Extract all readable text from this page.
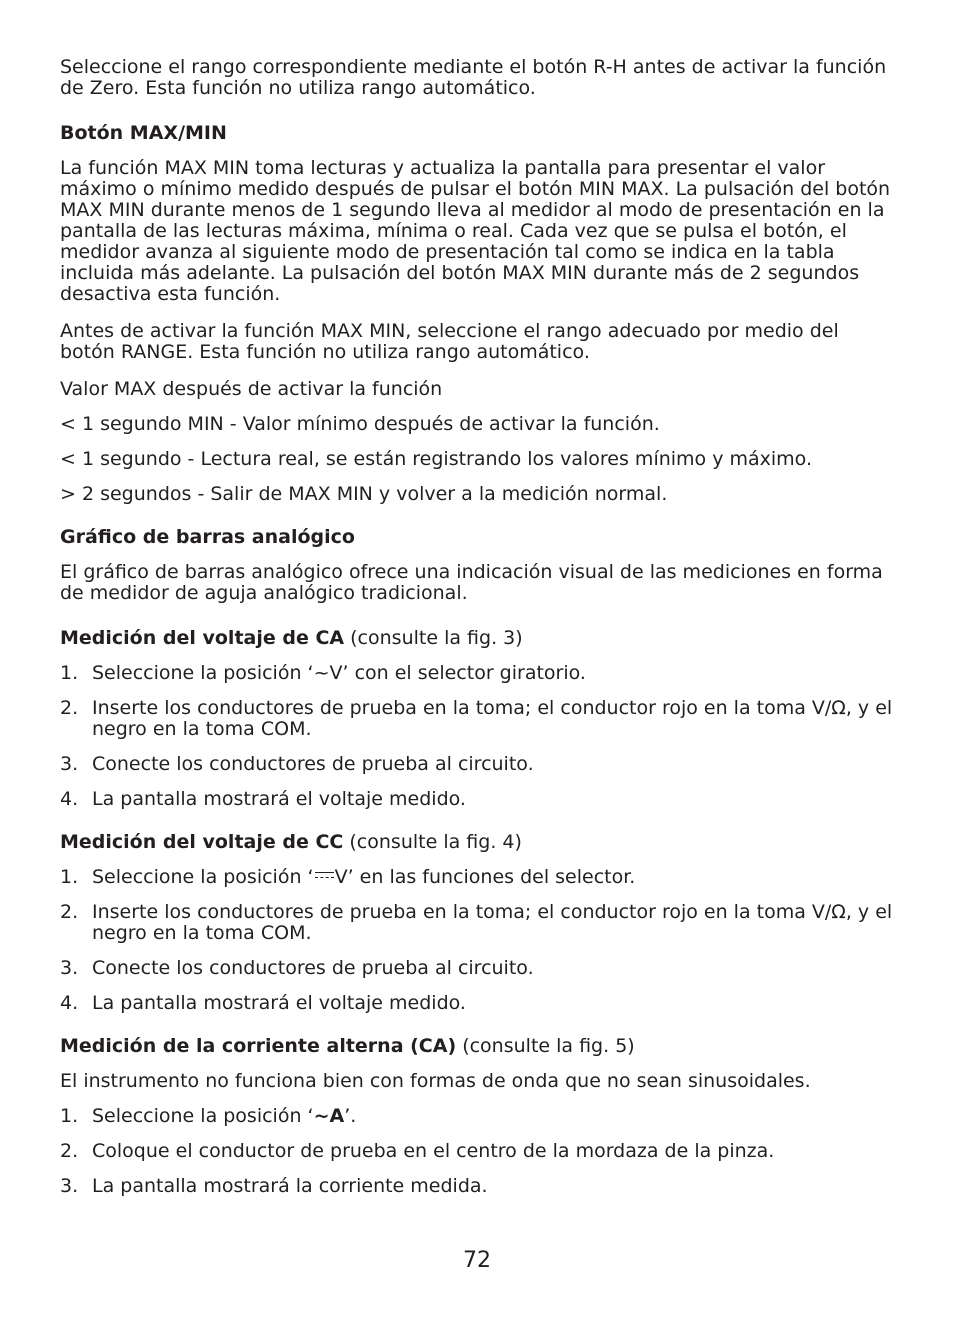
Seleccione el rango correspondiente mediante el botón R-H antes de activar la función de Zero. Esta función no utiliza rango automático.

Botón MAX/MIN

La función MAX MIN toma lecturas y actualiza la pantalla para presentar el valor máximo o mínimo medido después de pulsar el botón MIN MAX. La pulsación del botón MAX MIN durante menos de 1 segundo lleva al medidor al modo de presentación en la pantalla de las lecturas máxima, mínima o real. Cada vez que se pulsa el botón, el medidor avanza al siguiente modo de presentación tal como se indica en la tabla incluida más adelante. La pulsación del botón MAX MIN durante más de 2 segundos desactiva esta función.

Antes de activar la función MAX MIN, seleccione el rango adecuado por medio del botón RANGE. Esta función no utiliza rango automático.

Valor MAX después de activar la función

< 1 segundo MIN - Valor mínimo después de activar la función.

< 1 segundo - Lectura real, se están registrando los valores mínimo y máximo.

> 2 segundos - Salir de MAX MIN y volver a la medición normal.

Gráfico de barras analógico

El gráfico de barras analógico ofrece una indicación visual de las mediciones en forma de medidor de aguja analógico tradicional.

Medición del voltaje de CA (consulte la fig. 3)

1. Seleccione la posición ‘~V’ con el selector giratorio.
2. Inserte los conductores de prueba en la toma; el conductor rojo en la toma V/Ω, y el negro en la toma COM.
3. Conecte los conductores de prueba al circuito.
4. La pantalla mostrará el voltaje medido.

Medición del voltaje de CC (consulte la fig. 4)

1. Seleccione la posición ‘ V’ en las funciones del selector.
2. Inserte los conductores de prueba en la toma; el conductor rojo en la toma V/Ω, y el negro en la toma COM.
3. Conecte los conductores de prueba al circuito.
4. La pantalla mostrará el voltaje medido.

Medición de la corriente alterna (CA) (consulte la fig. 5)

El instrumento no funciona bien con formas de onda que no sean sinusoidales.

1. Seleccione la posición ‘~A’.
2. Coloque el conductor de prueba en el centro de la mordaza de la pinza.
3. La pantalla mostrará la corriente medida.
72
